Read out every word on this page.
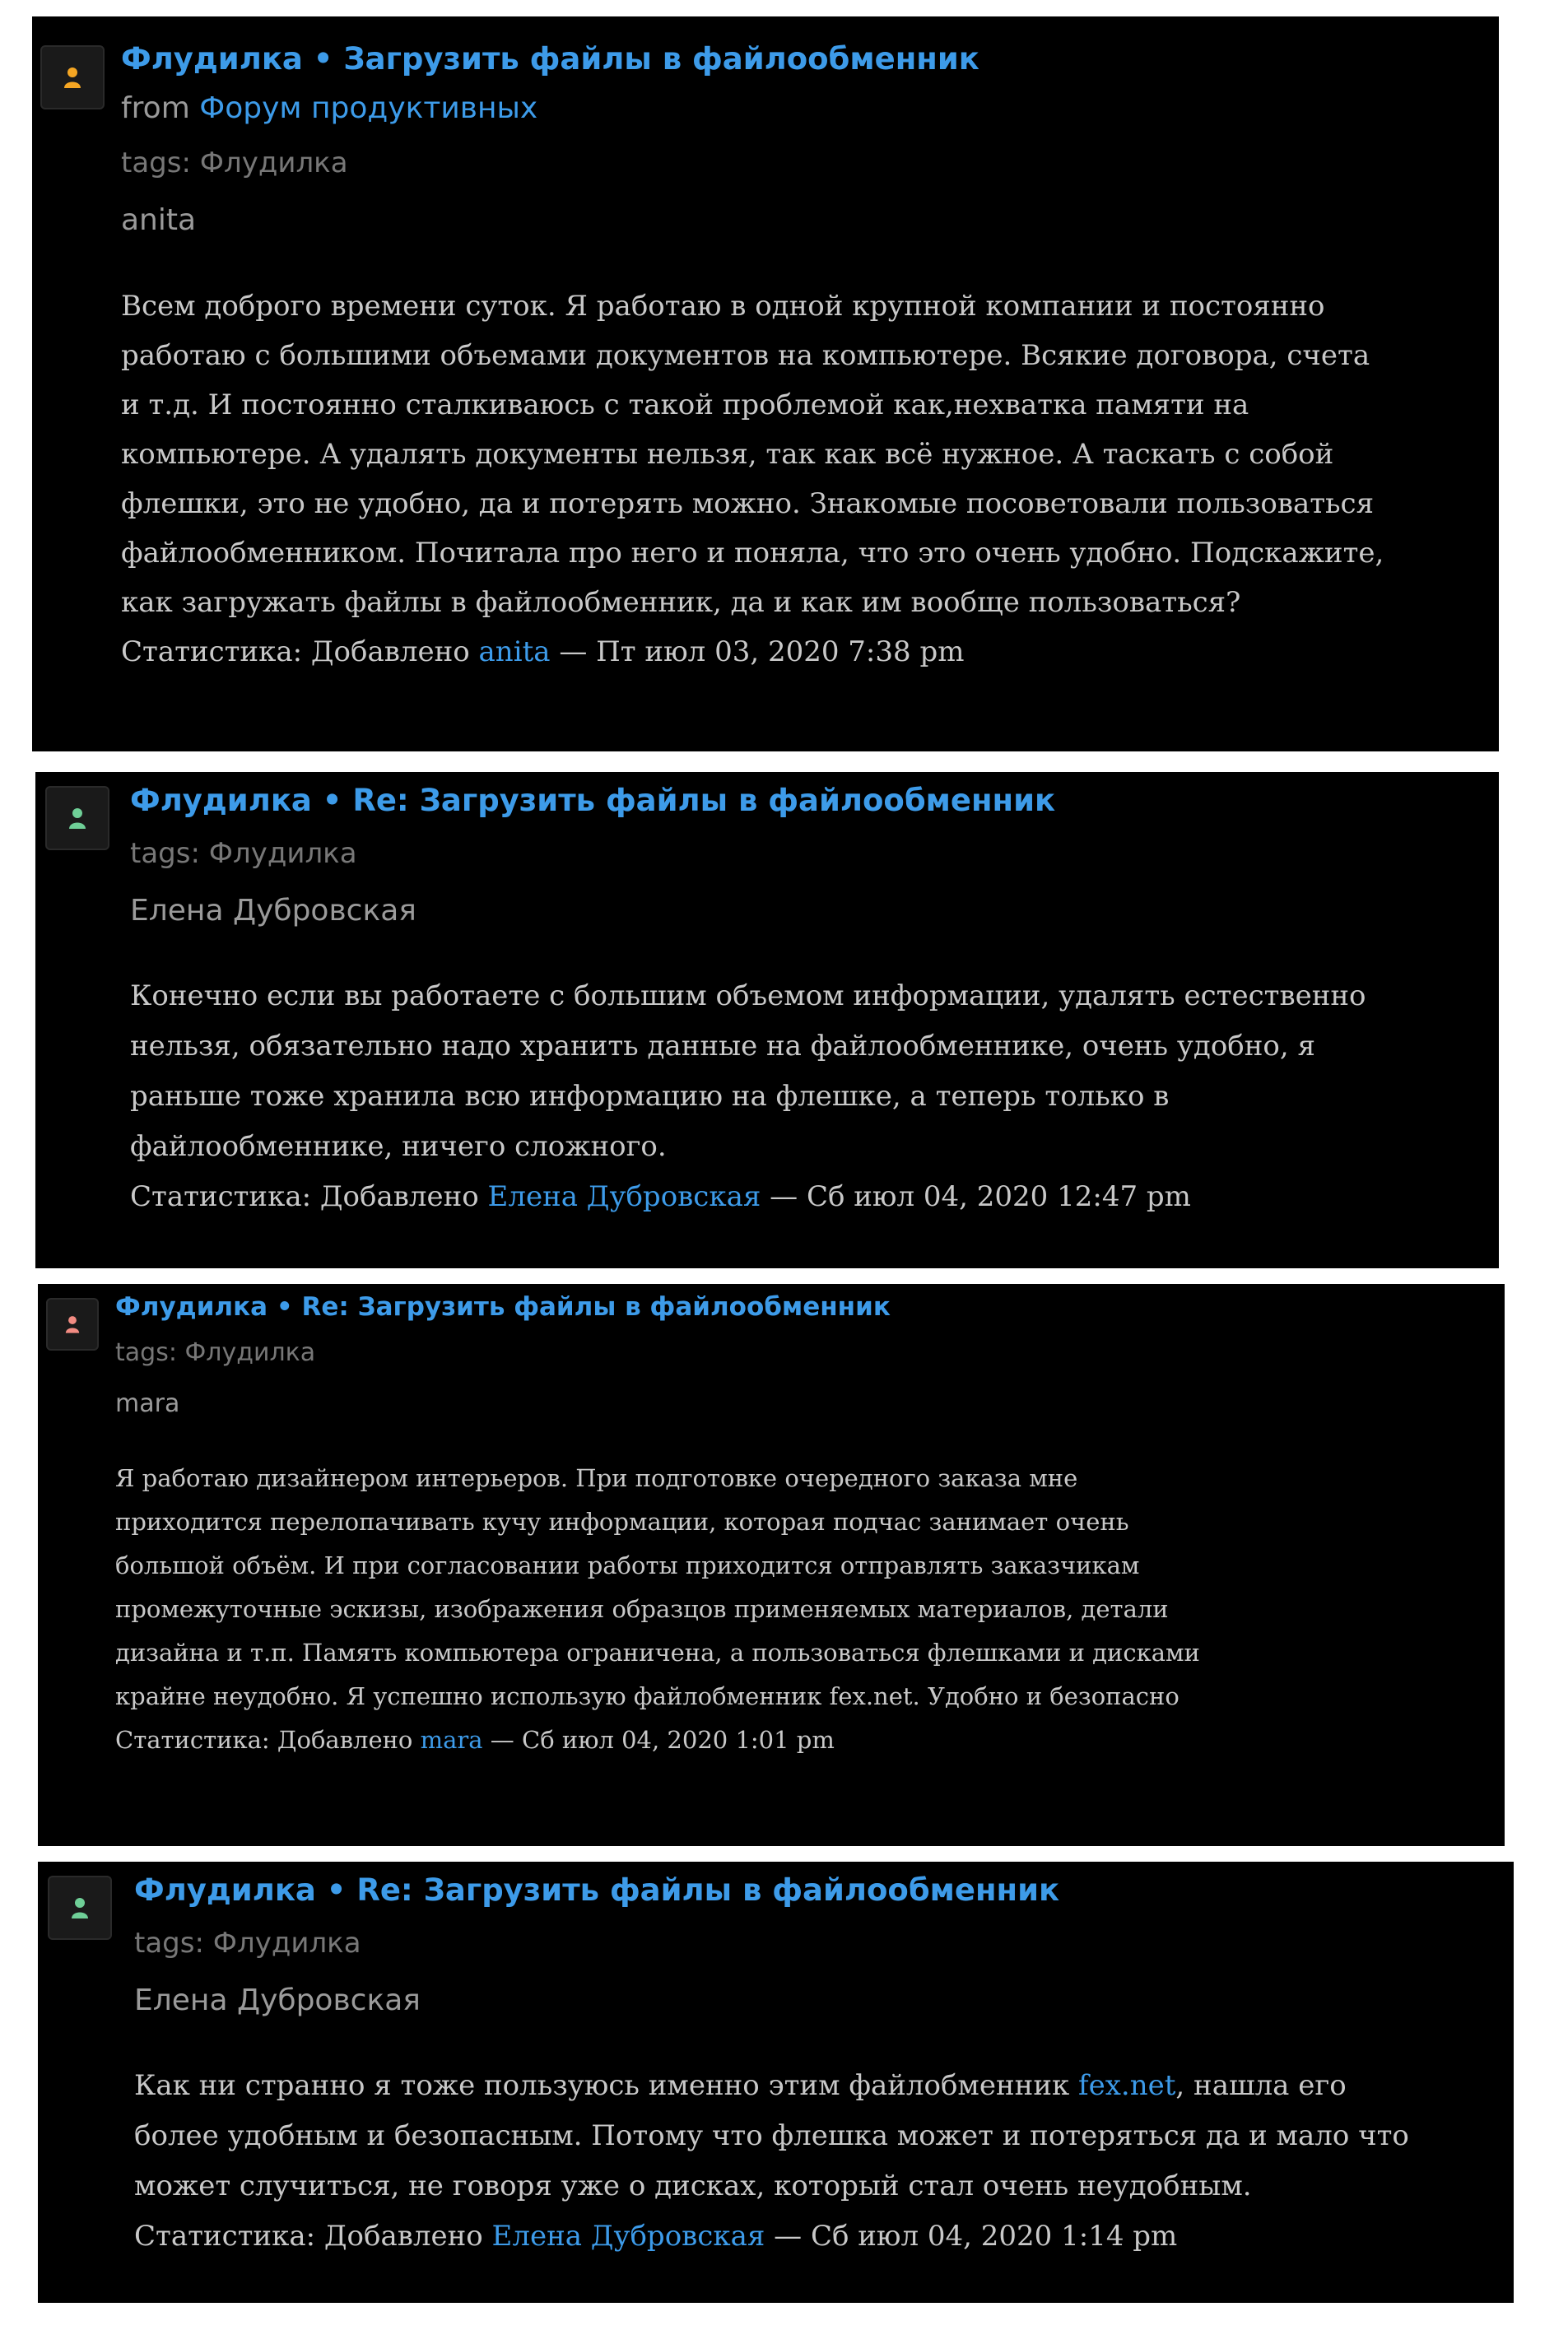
Флудилка • Загрузить файлы в файлообменник
from Форум продуктивных
tags: Флудилка
anita
Всем доброго времени суток. Я работаю в одной крупной компании и постоянно работаю с большими объемами документов на компьютере. Всякие договора, счета и т.д. И постоянно сталкиваюсь с такой проблемой как,нехватка памяти на компьютере. А удалять документы нельзя, так как всё нужное. А таскать с собой флешки, это не удобно, да и потерять можно. Знакомые посоветовали пользоваться файлообменником. Почитала про него и поняла, что это очень удобно. Подскажите, как загружать файлы в файлообменник, да и как им вообще пользоваться?
Статистика: Добавлено anita — Пт июл 03, 2020 7:38 pm
Флудилка • Re: Загрузить файлы в файлообменник
tags: Флудилка
Елена Дубровская
Конечно если вы работаете с большим объемом информации, удалять естественно нельзя, обязательно надо хранить данные на файлообменнике, очень удобно, я раньше тоже хранила всю информацию на флешке, а теперь только в файлообменнике, ничего сложного.
Статистика: Добавлено Елена Дубровская — Сб июл 04, 2020 12:47 pm
Флудилка • Re: Загрузить файлы в файлообменник
tags: Флудилка
mara
Я работаю дизайнером интерьеров. При подготовке очередного заказа мне приходится перелопачивать кучу информации, которая подчас занимает очень большой объём. И при согласовании работы приходится отправлять заказчикам промежуточные эскизы, изображения образцов применяемых материалов, детали дизайна и т.п. Память компьютера ограничена, а пользоваться флешками и дисками крайне неудобно. Я успешно использую файлобменник fex.net. Удобно и безопасно
Статистика: Добавлено mara — Сб июл 04, 2020 1:01 pm
Флудилка • Re: Загрузить файлы в файлообменник
tags: Флудилка
Елена Дубровская
Как ни странно я тоже пользуюсь именно этим файлобменник fex.net, нашла его более удобным и безопасным. Потому что флешка может и потеряться да и мало что может случиться, не говоря уже о дисках, который стал очень неудобным.
Статистика: Добавлено Елена Дубровская — Сб июл 04, 2020 1:14 pm
